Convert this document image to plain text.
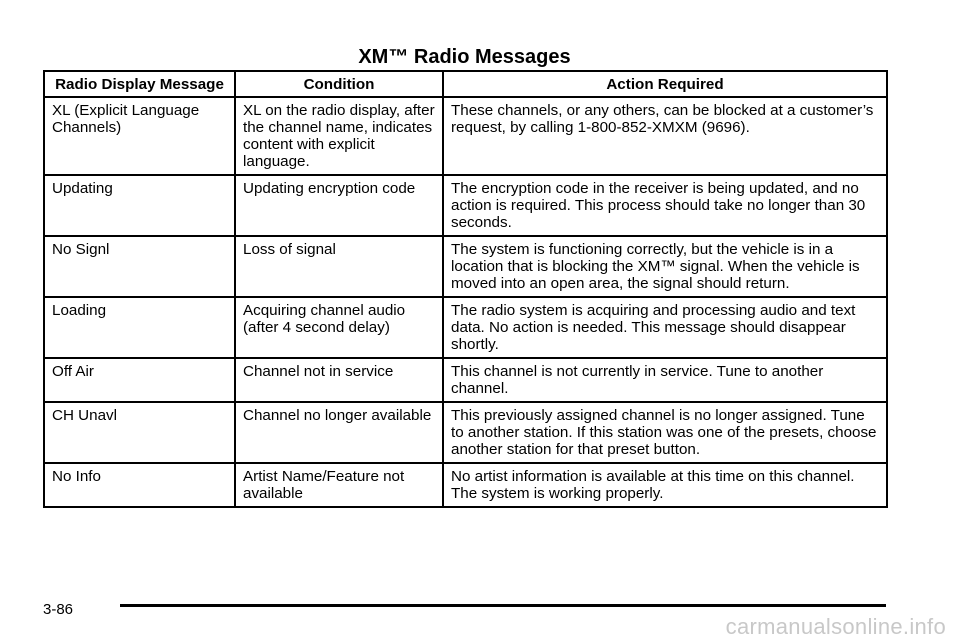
XM™ Radio Messages
Radio Display Message	Condition	Action Required
XL (Explicit Language Channels)	XL on the radio display, after the channel name, indicates content with explicit language.	These channels, or any others, can be blocked at a customer’s request, by calling 1-800-852-XMXM (9696).
Updating	Updating encryption code	The encryption code in the receiver is being updated, and no action is required. This process should take no longer than 30 seconds.
No Signl	Loss of signal	The system is functioning correctly, but the vehicle is in a location that is blocking the XM™ signal. When the vehicle is moved into an open area, the signal should return.
Loading	Acquiring channel audio (after 4 second delay)	The radio system is acquiring and processing audio and text data. No action is needed. This message should disappear shortly.
Off Air	Channel not in service	This channel is not currently in service. Tune to another channel.
CH Unavl	Channel no longer available	This previously assigned channel is no longer assigned. Tune to another station. If this station was one of the presets, choose another station for that preset button.
No Info	Artist Name/Feature not available	No artist information is available at this time on this channel. The system is working properly.
3-86
carmanualsonline.info
